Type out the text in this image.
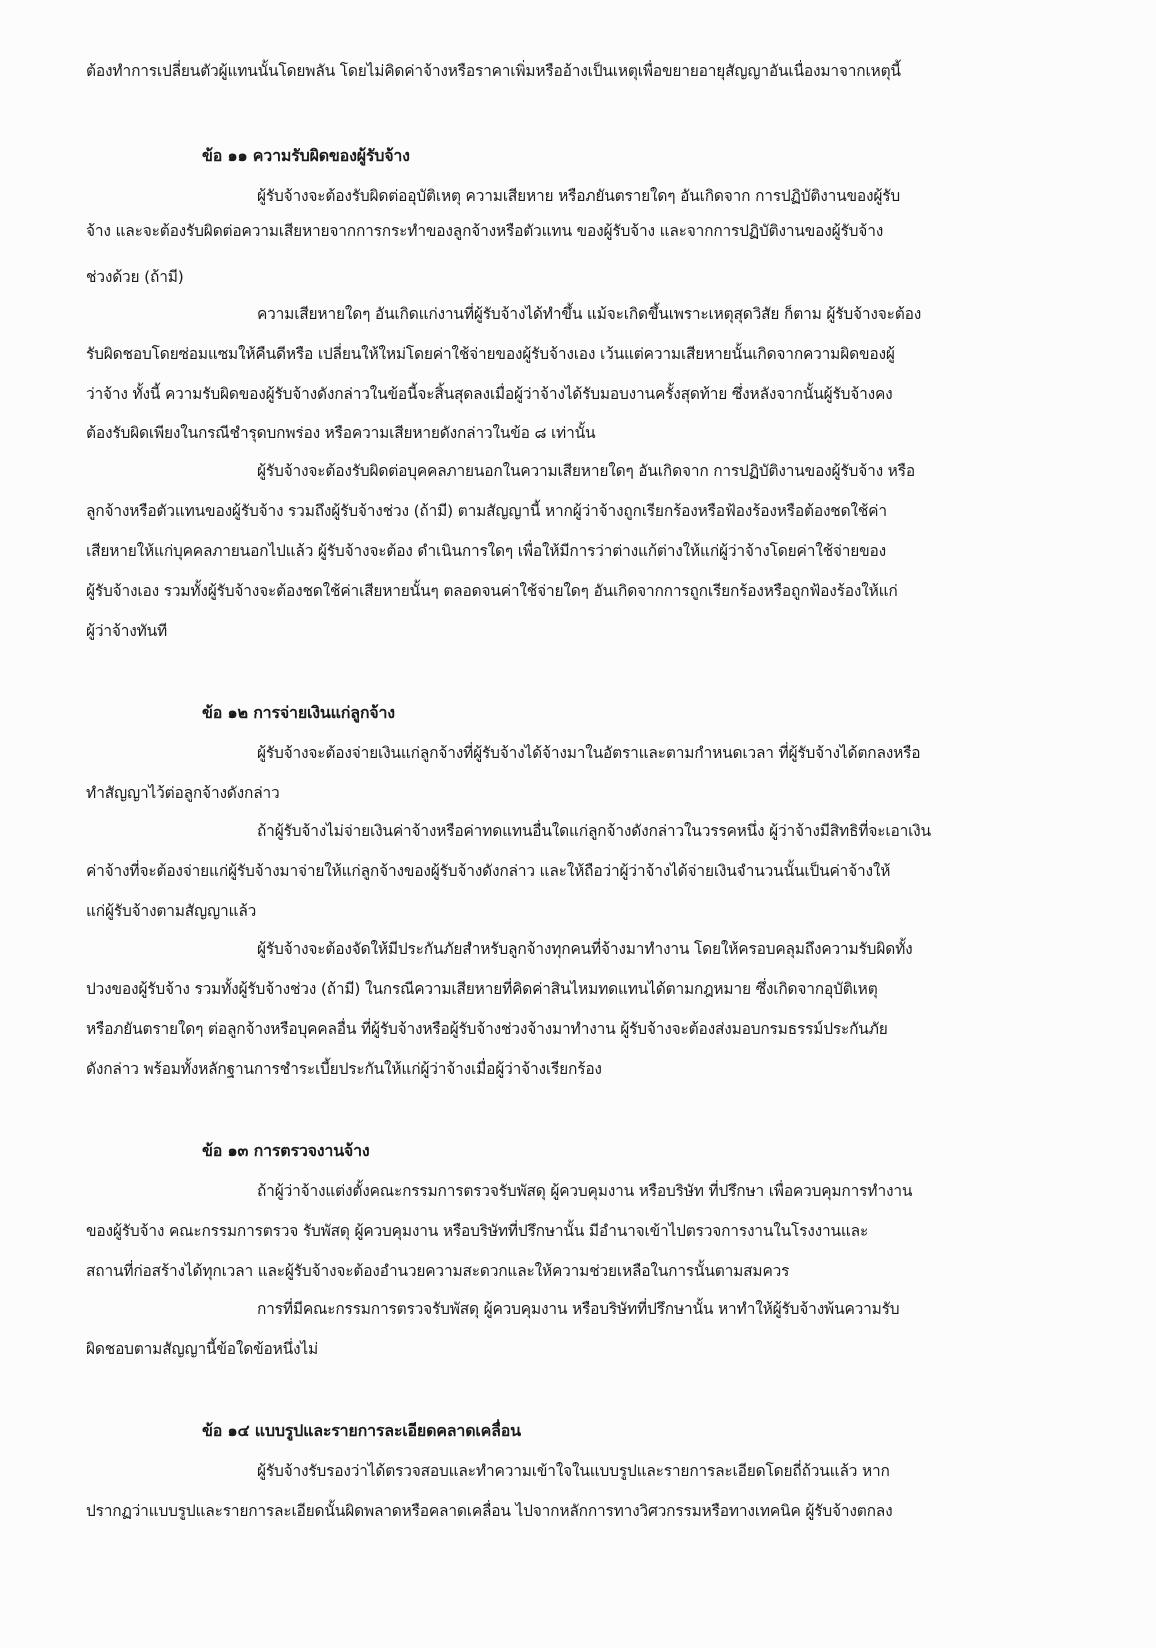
ต้องทำการเปลี่ยนตัวผู้แทนนั้นโดยพลัน โดยไม่คิดค่าจ้างหรือราคาเพิ่มหรืออ้างเป็นเหตุเพื่อขยายอายุสัญญาอันเนื่องมาจากเหตุนี้
ข้อ ๑๑ ความรับผิดของผู้รับจ้าง
ผู้รับจ้างจะต้องรับผิดต่ออุบัติเหตุ ความเสียหาย หรือภยันตรายใดๆ อันเกิดจาก การปฏิบัติงานของผู้รับ
จ้าง และจะต้องรับผิดต่อความเสียหายจากการกระทำของลูกจ้างหรือตัวแทน ของผู้รับจ้าง และจากการปฏิบัติงานของผู้รับจ้าง
ช่วงด้วย (ถ้ามี)
ความเสียหายใดๆ อันเกิดแก่งานที่ผู้รับจ้างได้ทำขึ้น แม้จะเกิดขึ้นเพราะเหตุสุดวิสัย ก็ตาม ผู้รับจ้างจะต้อง
รับผิดชอบโดยซ่อมแซมให้คืนดีหรือ เปลี่ยนให้ใหม่โดยค่าใช้จ่ายของผู้รับจ้างเอง เว้นแต่ความเสียหายนั้นเกิดจากความผิดของผู้
ว่าจ้าง ทั้งนี้ ความรับผิดของผู้รับจ้างดังกล่าวในข้อนี้จะสิ้นสุดลงเมื่อผู้ว่าจ้างได้รับมอบงานครั้งสุดท้าย ซึ่งหลังจากนั้นผู้รับจ้างคง
ต้องรับผิดเพียงในกรณีชำรุดบกพร่อง หรือความเสียหายดังกล่าวในข้อ ๘ เท่านั้น
ผู้รับจ้างจะต้องรับผิดต่อบุคคลภายนอกในความเสียหายใดๆ อันเกิดจาก การปฏิบัติงานของผู้รับจ้าง หรือ
ลูกจ้างหรือตัวแทนของผู้รับจ้าง รวมถึงผู้รับจ้างช่วง (ถ้ามี) ตามสัญญานี้ หากผู้ว่าจ้างถูกเรียกร้องหรือฟ้องร้องหรือต้องชดใช้ค่า
เสียหายให้แก่บุคคลภายนอกไปแล้ว ผู้รับจ้างจะต้อง ดำเนินการใดๆ เพื่อให้มีการว่าต่างแก้ต่างให้แก่ผู้ว่าจ้างโดยค่าใช้จ่ายของ
ผู้รับจ้างเอง รวมทั้งผู้รับจ้างจะต้องชดใช้ค่าเสียหายนั้นๆ ตลอดจนค่าใช้จ่ายใดๆ อันเกิดจากการถูกเรียกร้องหรือถูกฟ้องร้องให้แก่
ผู้ว่าจ้างทันที
ข้อ ๑๒ การจ่ายเงินแก่ลูกจ้าง
ผู้รับจ้างจะต้องจ่ายเงินแก่ลูกจ้างที่ผู้รับจ้างได้จ้างมาในอัตราและตามกำหนดเวลา ที่ผู้รับจ้างได้ตกลงหรือ
ทำสัญญาไว้ต่อลูกจ้างดังกล่าว
ถ้าผู้รับจ้างไม่จ่ายเงินค่าจ้างหรือค่าทดแทนอื่นใดแก่ลูกจ้างดังกล่าวในวรรคหนึ่ง ผู้ว่าจ้างมีสิทธิที่จะเอาเงิน
ค่าจ้างที่จะต้องจ่ายแก่ผู้รับจ้างมาจ่ายให้แก่ลูกจ้างของผู้รับจ้างดังกล่าว และให้ถือว่าผู้ว่าจ้างได้จ่ายเงินจำนวนนั้นเป็นค่าจ้างให้
แก่ผู้รับจ้างตามสัญญาแล้ว
ผู้รับจ้างจะต้องจัดให้มีประกันภัยสำหรับลูกจ้างทุกคนที่จ้างมาทำงาน โดยให้ครอบคลุมถึงความรับผิดทั้ง
ปวงของผู้รับจ้าง รวมทั้งผู้รับจ้างช่วง (ถ้ามี) ในกรณีความเสียหายที่คิดค่าสินไหมทดแทนได้ตามกฎหมาย ซึ่งเกิดจากอุบัติเหตุ
หรือภยันตรายใดๆ ต่อลูกจ้างหรือบุคคลอื่น ที่ผู้รับจ้างหรือผู้รับจ้างช่วงจ้างมาทำงาน ผู้รับจ้างจะต้องส่งมอบกรมธรรม์ประกันภัย
ดังกล่าว พร้อมทั้งหลักฐานการชำระเบี้ยประกันให้แก่ผู้ว่าจ้างเมื่อผู้ว่าจ้างเรียกร้อง
ข้อ ๑๓ การตรวจงานจ้าง
ถ้าผู้ว่าจ้างแต่งตั้งคณะกรรมการตรวจรับพัสดุ ผู้ควบคุมงาน หรือบริษัท ที่ปรึกษา เพื่อควบคุมการทำงาน
ของผู้รับจ้าง คณะกรรมการตรวจ รับพัสดุ ผู้ควบคุมงาน หรือบริษัทที่ปรึกษานั้น มีอำนาจเข้าไปตรวจการงานในโรงงานและ
สถานที่ก่อสร้างได้ทุกเวลา และผู้รับจ้างจะต้องอำนวยความสะดวกและให้ความช่วยเหลือในการนั้นตามสมควร
การที่มีคณะกรรมการตรวจรับพัสดุ ผู้ควบคุมงาน หรือบริษัทที่ปรึกษานั้น หาทำให้ผู้รับจ้างพ้นความรับ
ผิดชอบตามสัญญานี้ข้อใดข้อหนึ่งไม่
ข้อ ๑๔ แบบรูปและรายการละเอียดคลาดเคลื่อน
ผู้รับจ้างรับรองว่าได้ตรวจสอบและทำความเข้าใจในแบบรูปและรายการละเอียดโดยถี่ถ้วนแล้ว หาก
ปรากฏว่าแบบรูปและรายการละเอียดนั้นผิดพลาดหรือคลาดเคลื่อน ไปจากหลักการทางวิศวกรรมหรือทางเทคนิค ผู้รับจ้างตกลง
